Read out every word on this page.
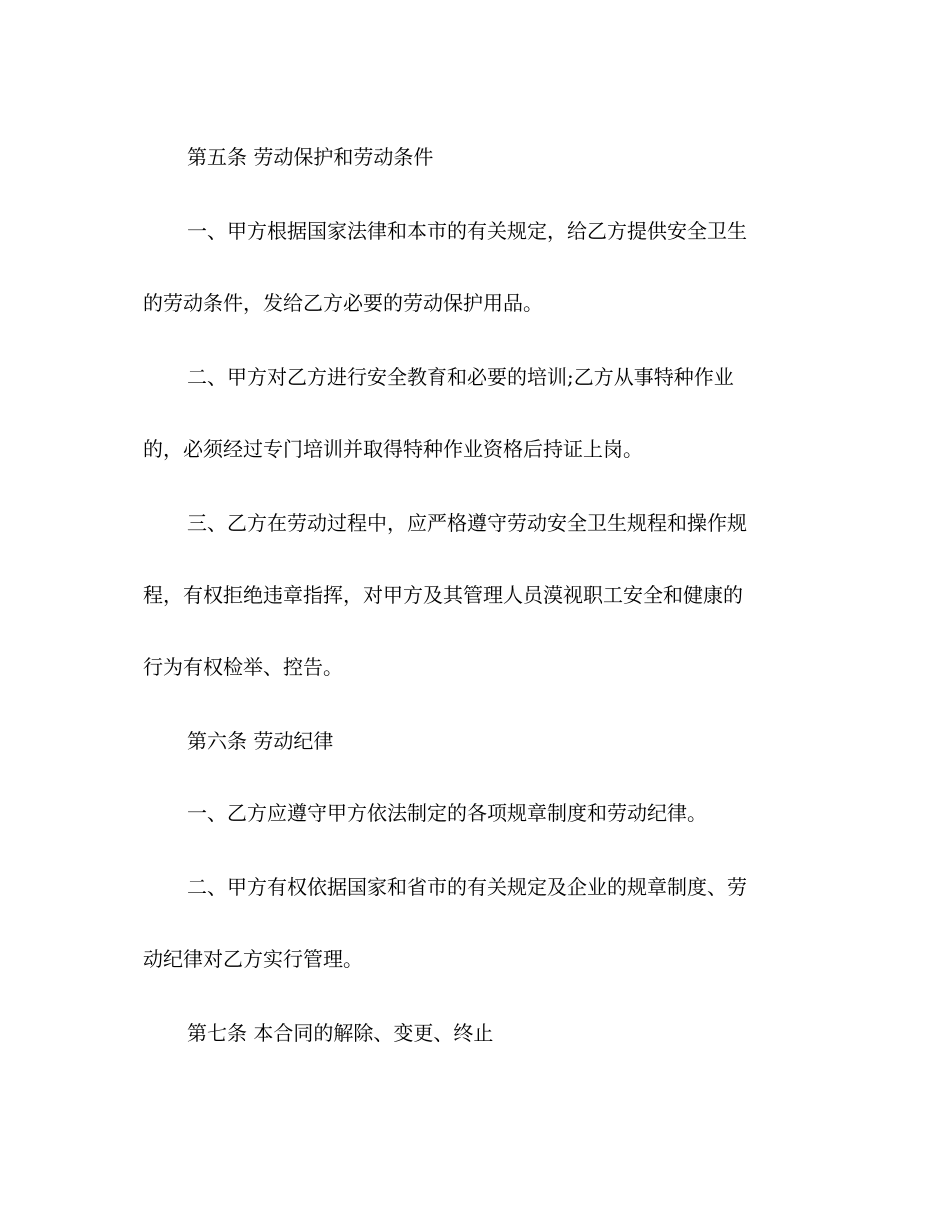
第五条 劳动保护和劳动条件
一、甲方根据国家法律和本市的有关规定，给乙方提供安全卫生
的劳动条件，发给乙方必要的劳动保护用品。
二、甲方对乙方进行安全教育和必要的培训;乙方从事特种作业
的，必须经过专门培训并取得特种作业资格后持证上岗。
三、乙方在劳动过程中，应严格遵守劳动安全卫生规程和操作规
程，有权拒绝违章指挥，对甲方及其管理人员漠视职工安全和健康的
行为有权检举、控告。
第六条 劳动纪律
一、乙方应遵守甲方依法制定的各项规章制度和劳动纪律。
二、甲方有权依据国家和省市的有关规定及企业的规章制度、劳
动纪律对乙方实行管理。
第七条 本合同的解除、变更、终止
